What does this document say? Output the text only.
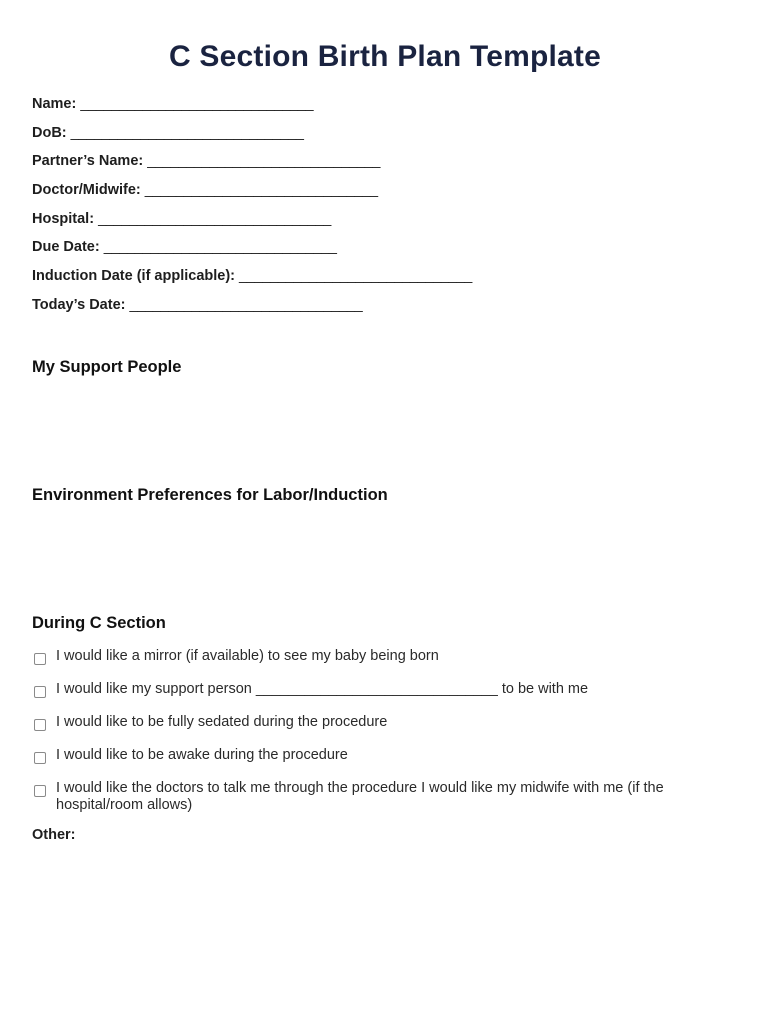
C Section Birth Plan Template
Name: ______________________________
DoB: ______________________________
Partner’s Name: ______________________________
Doctor/Midwife: ______________________________
Hospital: ______________________________
Due Date: ______________________________
Induction Date (if applicable): ______________________________
Today’s Date: ______________________________
My Support People
Environment Preferences for Labor/Induction
During C Section
I would like a mirror (if available) to see my baby being born
I would like my support person ______________________________ to be with me
I would like to be fully sedated during the procedure
I would like to be awake during the procedure
I would like the doctors to talk me through the procedure I would like my midwife with me (if the hospital/room allows)
Other:
